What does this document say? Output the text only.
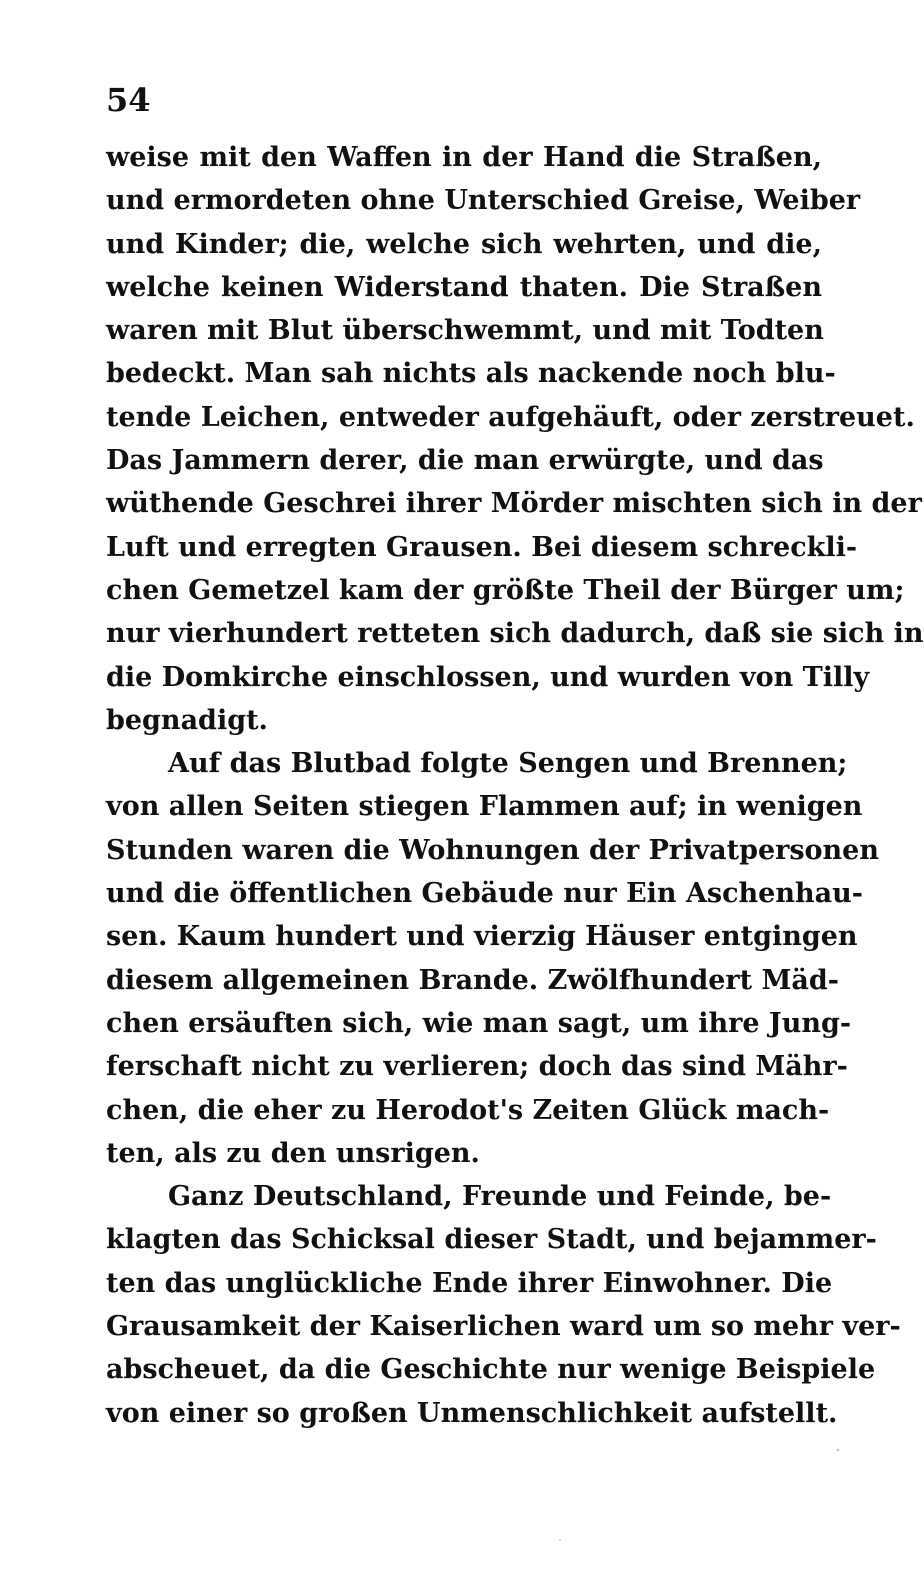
54
weise mit den Waffen in der Hand die Straßen,
und ermordeten ohne Unterschied Greise, Weiber
und Kinder; die, welche sich wehrten, und die,
welche keinen Widerstand thaten. Die Straßen
waren mit Blut überschwemmt, und mit Todten
bedeckt. Man sah nichts als nackende noch blu-
tende Leichen, entweder aufgehäuft, oder zerstreuet.
Das Jammern derer, die man erwürgte, und das
wüthende Geschrei ihrer Mörder mischten sich in der
Luft und erregten Grausen. Bei diesem schreckli-
chen Gemetzel kam der größte Theil der Bürger um;
nur vierhundert retteten sich dadurch, daß sie sich in
die Domkirche einschlossen, und wurden von Tilly
begnadigt.
Auf das Blutbad folgte Sengen und Brennen;
von allen Seiten stiegen Flammen auf; in wenigen
Stunden waren die Wohnungen der Privatpersonen
und die öffentlichen Gebäude nur Ein Aschenhau-
sen. Kaum hundert und vierzig Häuser entgingen
diesem allgemeinen Brande. Zwölfhundert Mäd-
chen ersäuften sich, wie man sagt, um ihre Jung-
ferschaft nicht zu verlieren; doch das sind Mähr-
chen, die eher zu Herodot's Zeiten Glück mach-
ten, als zu den unsrigen.
Ganz Deutschland, Freunde und Feinde, be-
klagten das Schicksal dieser Stadt, und bejammer-
ten das unglückliche Ende ihrer Einwohner. Die
Grausamkeit der Kaiserlichen ward um so mehr ver-
abscheuet, da die Geschichte nur wenige Beispiele
von einer so großen Unmenschlichkeit aufstellt.
